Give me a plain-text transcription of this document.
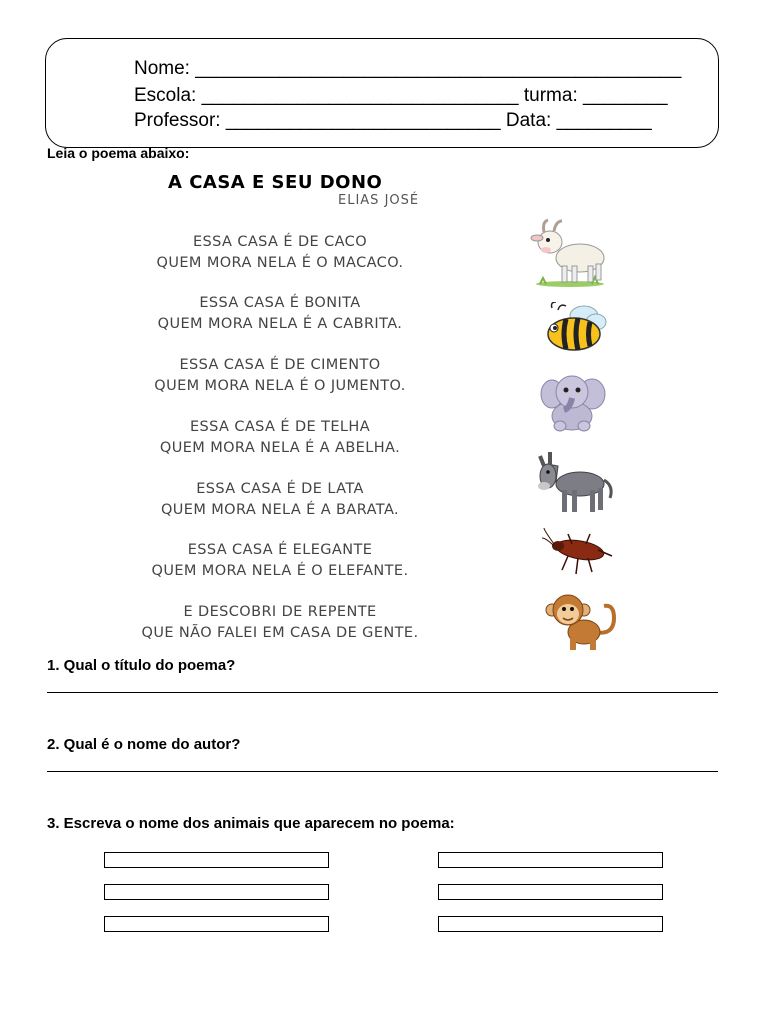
Nome: ______________________________________________
Escola: ______________________________ turma: ________
Professor: __________________________ Data: _________
Leia o poema abaixo:
A CASA E SEU DONO
ELIAS JOSÉ
ESSA CASA É DE CACO
QUEM MORA NELA É O MACACO.
ESSA CASA É BONITA
QUEM MORA NELA É A CABRITA.
ESSA CASA É DE CIMENTO
QUEM MORA NELA É O JUMENTO.
ESSA CASA É DE TELHA
QUEM MORA NELA É A ABELHA.
ESSA CASA É DE LATA
QUEM MORA NELA É A BARATA.
ESSA CASA É ELEGANTE
QUEM MORA NELA É O ELEFANTE.
E DESCOBRI DE REPENTE
QUE NÃO FALEI EM CASA DE GENTE.
1. Qual o título do poema?
2. Qual é o nome do autor?
3. Escreva o nome dos animais que aparecem no poema:
